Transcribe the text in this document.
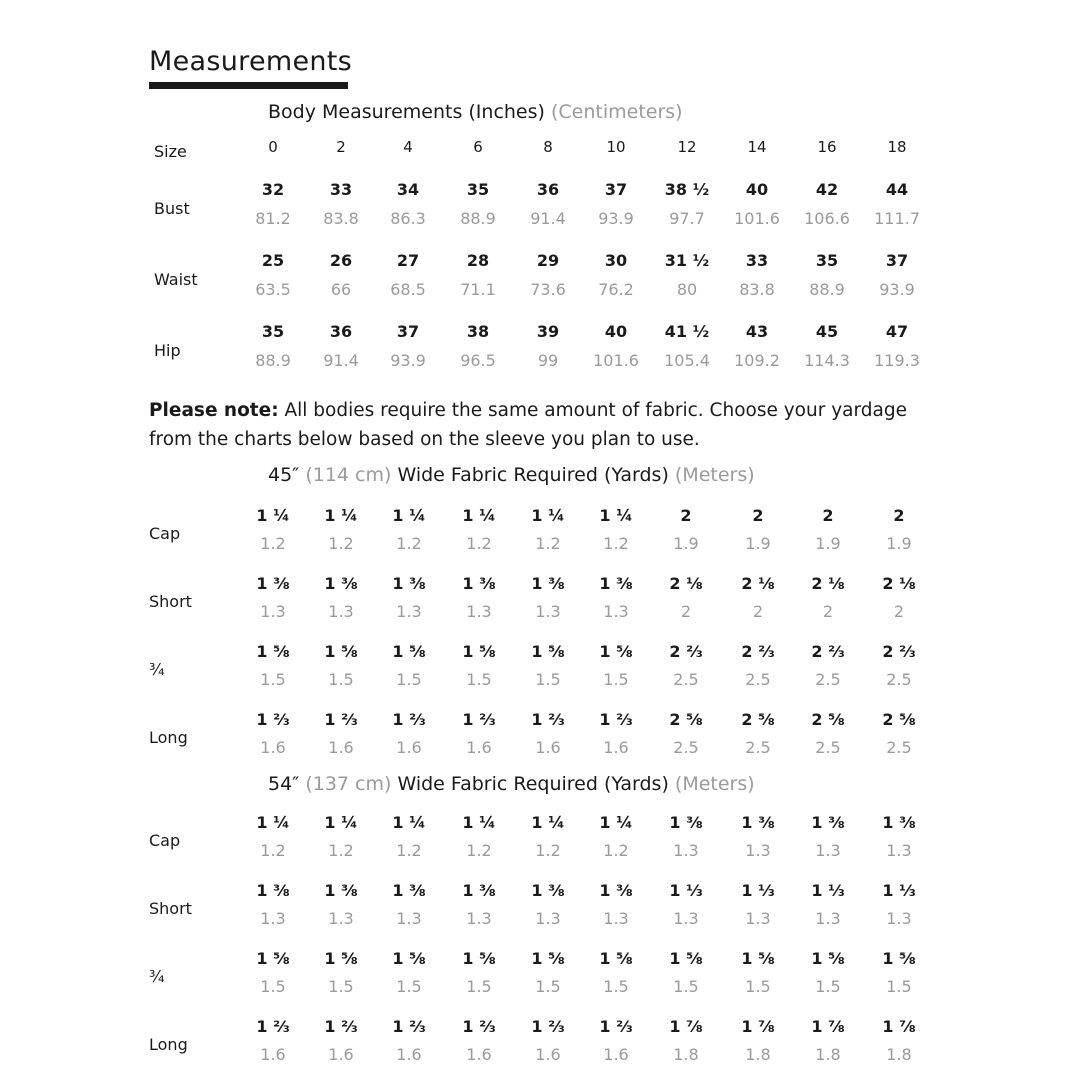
Measurements
Body Measurements (Inches) (Centimeters)
Size	0	2	4	6	8	10	12	14	16	18
Bust
32	33	34	35	36	37	38 ½	40	42	44
81.2	83.8	86.3	88.9	91.4	93.9	97.7	101.6	106.6	111.7
Waist
25	26	27	28	29	30	31 ½	33	35	37
63.5	66	68.5	71.1	73.6	76.2	80	83.8	88.9	93.9
Hip
35	36	37	38	39	40	41 ½	43	45	47
88.9	91.4	93.9	96.5	99	101.6	105.4	109.2	114.3	119.3
Please note: All bodies require the same amount of fabric. Choose your yardage from the charts below based on the sleeve you plan to use.
45″ (114 cm) Wide Fabric Required (Yards) (Meters)
Cap
1 ¼	1 ¼	1 ¼	1 ¼	1 ¼	1 ¼	2	2	2	2
1.2	1.2	1.2	1.2	1.2	1.2	1.9	1.9	1.9	1.9
Short
1 ⅜	1 ⅜	1 ⅜	1 ⅜	1 ⅜	1 ⅜	2 ⅛	2 ⅛	2 ⅛	2 ⅛
1.3	1.3	1.3	1.3	1.3	1.3	2	2	2	2
¾
1 ⅝	1 ⅝	1 ⅝	1 ⅝	1 ⅝	1 ⅝	2 ⅔	2 ⅔	2 ⅔	2 ⅔
1.5	1.5	1.5	1.5	1.5	1.5	2.5	2.5	2.5	2.5
Long
1 ⅔	1 ⅔	1 ⅔	1 ⅔	1 ⅔	1 ⅔	2 ⅝	2 ⅝	2 ⅝	2 ⅝
1.6	1.6	1.6	1.6	1.6	1.6	2.5	2.5	2.5	2.5
54″ (137 cm) Wide Fabric Required (Yards) (Meters)
Cap
1 ¼	1 ¼	1 ¼	1 ¼	1 ¼	1 ¼	1 ⅜	1 ⅜	1 ⅜	1 ⅜
1.2	1.2	1.2	1.2	1.2	1.2	1.3	1.3	1.3	1.3
Short
1 ⅜	1 ⅜	1 ⅜	1 ⅜	1 ⅜	1 ⅜	1 ⅓	1 ⅓	1 ⅓	1 ⅓
1.3	1.3	1.3	1.3	1.3	1.3	1.3	1.3	1.3	1.3
¾
1 ⅝	1 ⅝	1 ⅝	1 ⅝	1 ⅝	1 ⅝	1 ⅝	1 ⅝	1 ⅝	1 ⅝
1.5	1.5	1.5	1.5	1.5	1.5	1.5	1.5	1.5	1.5
Long
1 ⅔	1 ⅔	1 ⅔	1 ⅔	1 ⅔	1 ⅔	1 ⅞	1 ⅞	1 ⅞	1 ⅞
1.6	1.6	1.6	1.6	1.6	1.6	1.8	1.8	1.8	1.8
